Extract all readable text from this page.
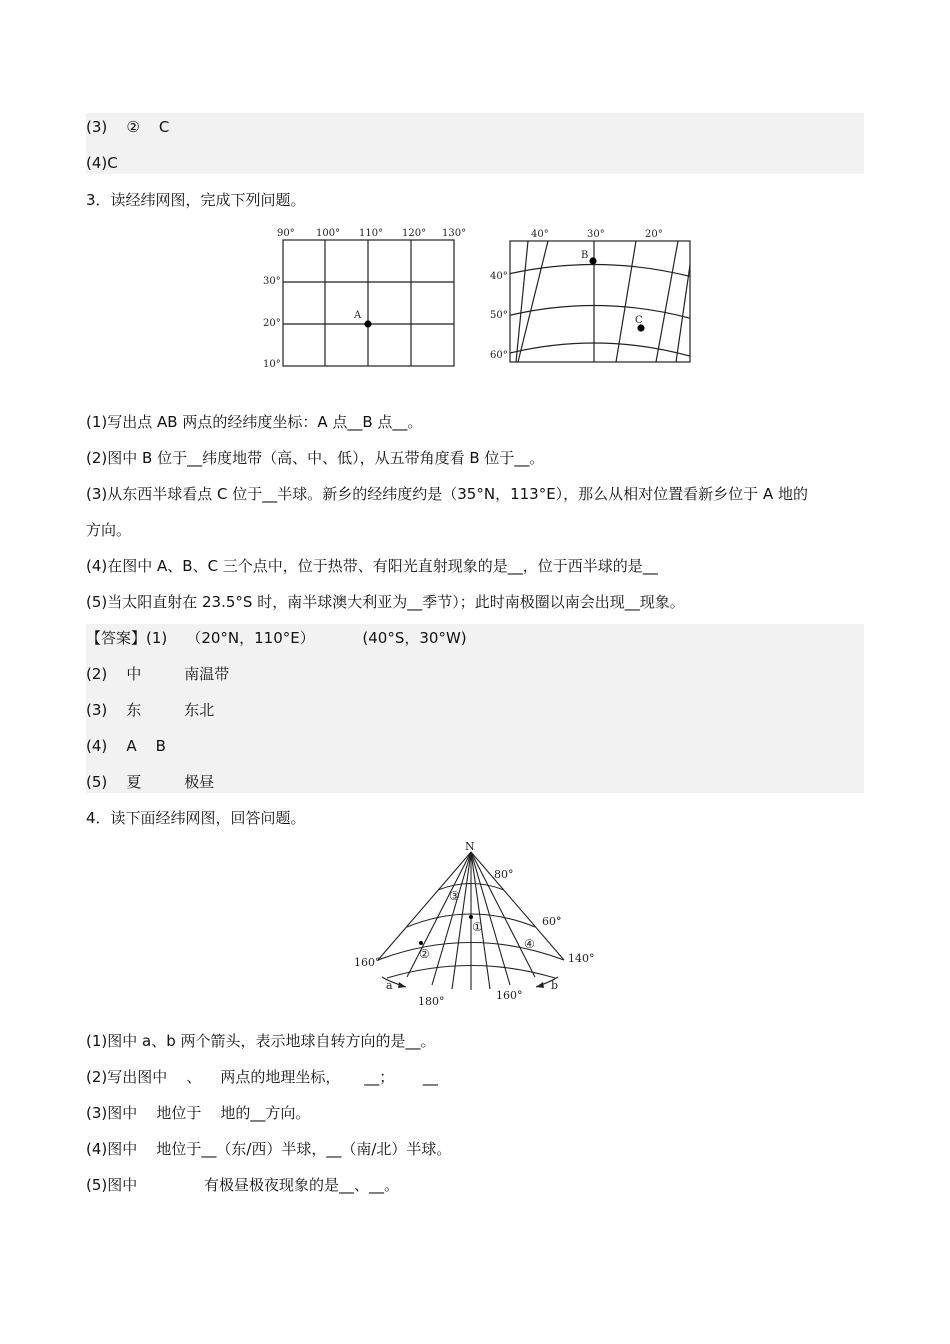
(3)    ②    C
(4)C
3．读经纬网图，完成下列问题。
A
90° 100° 110° 120° 130°
30°
20°
10°
B
C
40°	30°	20°
40°
50°
60°
(1)写出点 AB 两点的经纬度坐标：A 点__B 点__。
(2)图中 B 位于__纬度地带（高、中、低），从五带角度看 B 位于__。
(3)从东西半球看点 C 位于__半球。新乡的经纬度约是（35°N，113°E），那么从相对位置看新乡位于 A 地的
方向。
(4)在图中 A、B、C 三个点中，位于热带、有阳光直射现象的是__，位于西半球的是__
(5)当太阳直射在 23.5°S 时，南半球澳大利亚为__季节）；此时南极圈以南会出现__现象。
【答案】(1)    （20°N，110°E）          (40°S，30°W)
(2)    中         南温带
(3)    东         东北
(4)    A    B
(5)    夏         极昼
4．读下面经纬网图，回答问题。
N
80°
60°
①
②
③
④
160°
180°	160°
140°
a	b
(1)图中 a、b 两个箭头，表示地球自转方向的是__。
(2)写出图中    、    两点的地理坐标，     __；      __
(3)图中    地位于    地的__方向。
(4)图中    地位于__（东/西）半球，__（南/北）半球。
(5)图中              有极昼极夜现象的是__、__。
